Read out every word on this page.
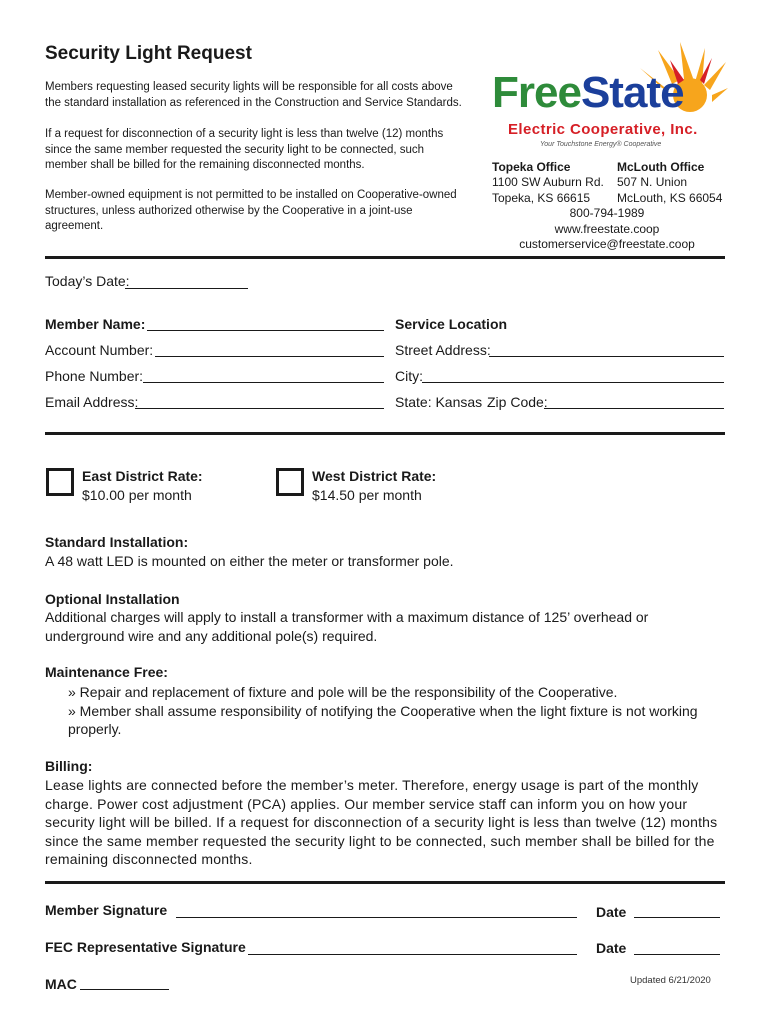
Security Light Request

Members requesting leased security lights will be responsible for all costs above the standard installation as referenced in the Construction and Service Standards.

If a request for disconnection of a security light is less than twelve (12) months since the same member requested the security light to be connected, such member shall be billed for the remaining disconnected months.

Member-owned equipment is not permitted to be installed on Cooperative-owned structures, unless authorized otherwise by the Cooperative in a joint-use agreement.

FreeState
Electric Cooperative, Inc.
Your Touchstone Energy® Cooperative
Topeka Office
1100 SW Auburn Rd.
Topeka, KS 66615
McLouth Office
507 N. Union
McLouth, KS 66054
800-794-1989
www.freestate.coop
customerservice@freestate.coop
Today’s Date:
Member Name:
Account Number:
Phone Number:
Email Address:
Service Location
Street Address:
City:
State: Kansas Zip Code:
East District Rate:
$10.00 per month
West District Rate:
$14.50 per month

Standard Installation:

A 48 watt LED is mounted on either the meter or transformer pole.

Optional Installation

Additional charges will apply to install a transformer with a maximum distance of 125’ overhead or underground wire and any additional pole(s) required.

Maintenance Free:

» Repair and replacement of fixture and pole will be the responsibility of the Cooperative.
» Member shall assume responsibility of notifying the Cooperative when the light fixture is not working properly.

Billing:

Lease lights are connected before the member’s meter. Therefore, energy usage is part of the monthly charge. Power cost adjustment (PCA) applies. Our member service staff can inform you on how your security light will be billed. If a request for disconnection of a security light is less than twelve (12) months since the same member requested the security light to be connected, such member shall be billed for the remaining disconnected months.

Member Signature	Date
FEC Representative Signature	Date
MAC	Updated 6/21/2020
